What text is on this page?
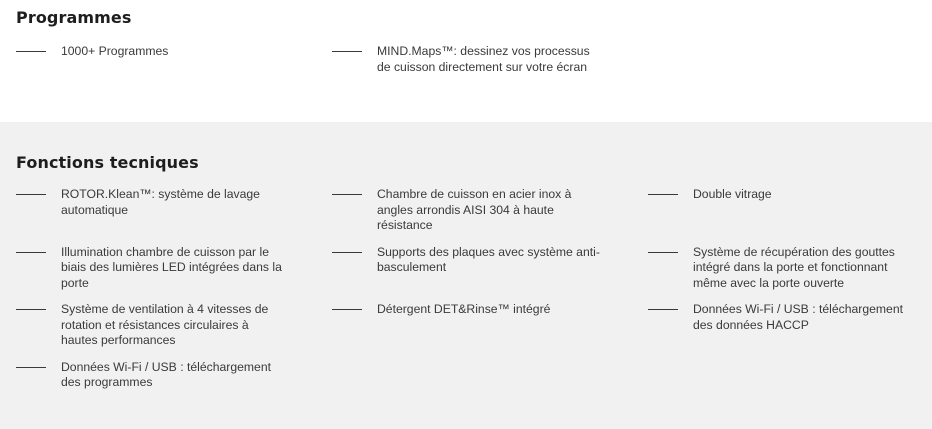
Programmes
1000+ Programmes	MIND.Maps™: dessinez vos processus de cuisson directement sur votre écran
Fonctions tecniques
ROTOR.Klean™: système de lavage automatique
Chambre de cuisson en acier inox à angles arrondis AISI 304 à haute résistance
Double vitrage
Illumination chambre de cuisson par le biais des lumières LED intégrées dans la porte
Supports des plaques avec système anti-basculement
Système de récupération des gouttes intégré dans la porte et fonctionnant même avec la porte ouverte
Système de ventilation à 4 vitesses de rotation et résistances circulaires à hautes performances
Détergent DET&Rinse™ intégré	Données Wi-Fi / USB : téléchargement des données HACCP
Données Wi-Fi / USB : téléchargement des programmes
